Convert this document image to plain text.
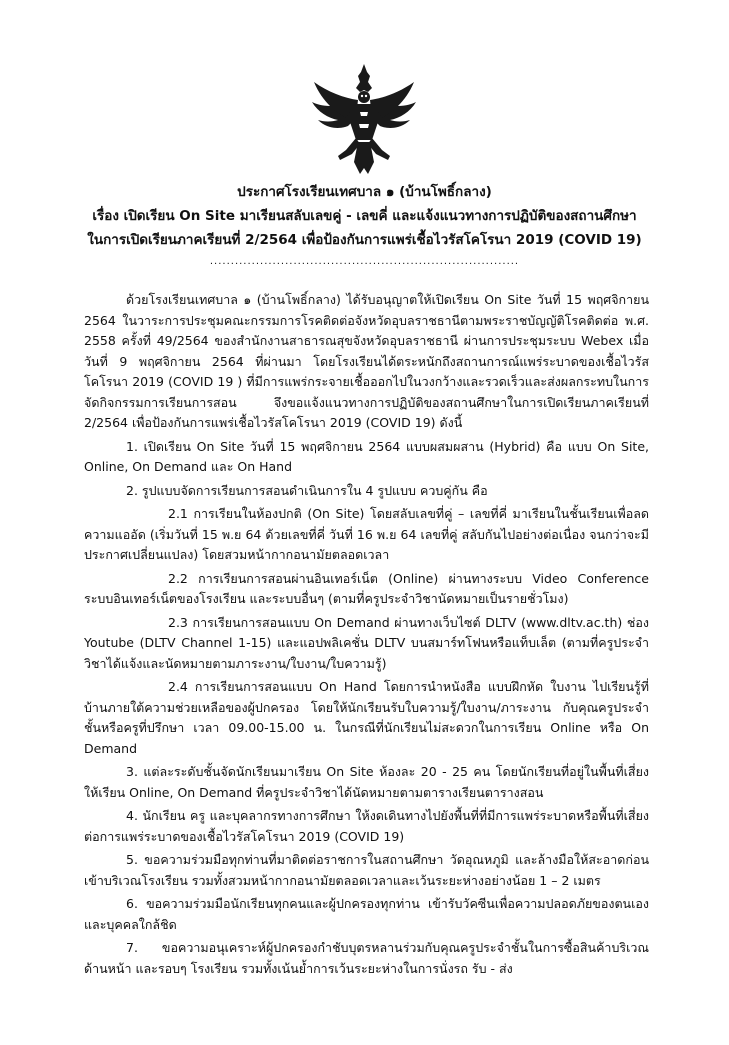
ประกาศโรงเรียนเทศบาล ๑ (บ้านโพธิ์กลาง)
เรื่อง เปิดเรียน On Site มาเรียนสลับเลขคู่ - เลขคี่ และแจ้งแนวทางการปฏิบัติของสถานศึกษา
ในการเปิดเรียนภาคเรียนที่ 2/2564 เพื่อป้องกันการแพร่เชื้อไวรัสโคโรนา 2019 (COVID 19)
..........................................................................

ด้วยโรงเรียนเทศบาล ๑ (บ้านโพธิ์กลาง) ได้รับอนุญาตให้เปิดเรียน On Site วันที่ 15 พฤศจิกายน 2564 ในวาระการประชุมคณะกรรมการโรคติดต่อจังหวัดอุบลราชธานีตามพระราชบัญญัติโรคติดต่อ พ.ศ. 2558 ครั้งที่ 49/2564 ของสำนักงานสาธารณสุขจังหวัดอุบลราชธานี ผ่านการประชุมระบบ Webex เมื่อวันที่ 9 พฤศจิกายน 2564 ที่ผ่านมา โดยโรงเรียนได้ตระหนักถึงสถานการณ์แพร่ระบาดของเชื้อไวรัสโคโรนา 2019 (COVID 19 ) ที่มีการแพร่กระจายเชื้อออกไปในวงกว้างและรวดเร็วและส่งผลกระทบในการจัดกิจกรรมการเรียนการสอน จึงขอแจ้งแนวทางการปฏิบัติของสถานศึกษาในการเปิดเรียนภาคเรียนที่ 2/2564 เพื่อป้องกันการแพร่เชื้อไวรัสโคโรนา 2019 (COVID 19) ดังนี้

1. เปิดเรียน On Site วันที่ 15 พฤศจิกายน 2564 แบบผสมผสาน (Hybrid) คือ แบบ On Site, Online, On Demand และ On Hand

2. รูปแบบจัดการเรียนการสอนดำเนินการใน 4 รูปแบบ ควบคู่กัน คือ

2.1 การเรียนในห้องปกติ (On Site) โดยสลับเลขที่คู่ – เลขที่คี่ มาเรียนในชั้นเรียนเพื่อลดความแออัด (เริ่มวันที่ 15 พ.ย 64 ด้วยเลขที่คี่ วันที่ 16 พ.ย 64 เลขที่คู่ สลับกันไปอย่างต่อเนื่อง จนกว่าจะมีประกาศเปลี่ยนแปลง) โดยสวมหน้ากากอนามัยตลอดเวลา

2.2 การเรียนการสอนผ่านอินเทอร์เน็ต (Online) ผ่านทางระบบ Video Conference ระบบอินเทอร์เน็ตของโรงเรียน และระบบอื่นๆ (ตามที่ครูประจำวิชานัดหมายเป็นรายชั่วโมง)

2.3 การเรียนการสอนแบบ On Demand ผ่านทางเว็บไซต์ DLTV (www.dltv.ac.th) ช่อง Youtube (DLTV Channel 1-15) และแอปพลิเคชั่น DLTV บนสมาร์ทโฟนหรือแท็บเล็ต (ตามที่ครูประจำวิชาได้แจ้งและนัดหมายตามภาระงาน/ใบงาน/ใบความรู้)

2.4 การเรียนการสอนแบบ On Hand โดยการนำหนังสือ แบบฝึกหัด ใบงาน ไปเรียนรู้ที่บ้านภายใต้ความช่วยเหลือของผู้ปกครอง โดยให้นักเรียนรับใบความรู้/ใบงาน/ภาระงาน กับคุณครูประจำชั้นหรือครูที่ปรึกษา เวลา 09.00-15.00 น. ในกรณีที่นักเรียนไม่สะดวกในการเรียน Online หรือ On Demand

3. แต่ละระดับชั้นจัดนักเรียนมาเรียน On Site ห้องละ 20 - 25 คน โดยนักเรียนที่อยู่ในพื้นที่เสี่ยงให้เรียน Online, On Demand ที่ครูประจำวิชาได้นัดหมายตามตารางเรียนตารางสอน

4. นักเรียน ครู และบุคลากรทางการศึกษา ให้งดเดินทางไปยังพื้นที่ที่มีการแพร่ระบาดหรือพื้นที่เสี่ยงต่อการแพร่ระบาดของเชื้อไวรัสโคโรนา 2019 (COVID 19)

5. ขอความร่วมมือทุกท่านที่มาติดต่อราชการในสถานศึกษา วัดอุณหภูมิ และล้างมือให้สะอาดก่อนเข้าบริเวณโรงเรียน รวมทั้งสวมหน้ากากอนามัยตลอดเวลาและเว้นระยะห่างอย่างน้อย 1 – 2 เมตร

6. ขอความร่วมมือนักเรียนทุกคนและผู้ปกครองทุกท่าน เข้ารับวัคซีนเพื่อความปลอดภัยของตนเองและบุคคลใกล้ชิด

7. ขอความอนุเคราะห์ผู้ปกครองกำชับบุตรหลานร่วมกับคุณครูประจำชั้นในการซื้อสินค้าบริเวณด้านหน้า และรอบๆ โรงเรียน รวมทั้งเน้นย้ำการเว้นระยะห่างในการนั่งรถ รับ - ส่ง
